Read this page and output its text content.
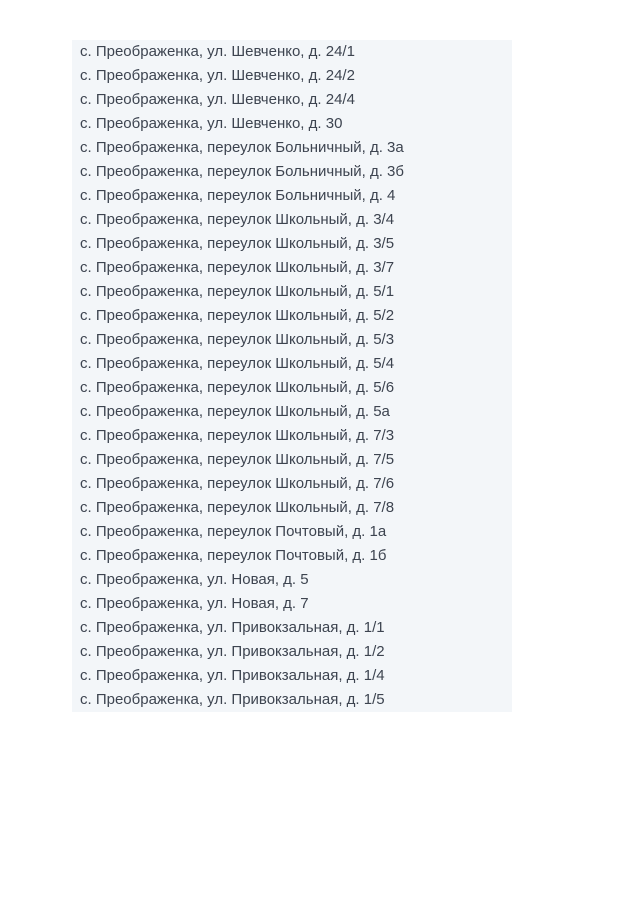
с. Преображенка, ул. Шевченко, д. 24/1
с. Преображенка, ул. Шевченко, д. 24/2
с. Преображенка, ул. Шевченко, д. 24/4
с. Преображенка, ул. Шевченко, д. 30
с. Преображенка, переулок Больничный, д. 3а
с. Преображенка, переулок Больничный, д. 3б
с. Преображенка, переулок Больничный, д. 4
с. Преображенка, переулок Школьный, д. 3/4
с. Преображенка, переулок Школьный, д. 3/5
с. Преображенка, переулок Школьный, д. 3/7
с. Преображенка, переулок Школьный, д. 5/1
с. Преображенка, переулок Школьный, д. 5/2
с. Преображенка, переулок Школьный, д. 5/3
с. Преображенка, переулок Школьный, д. 5/4
с. Преображенка, переулок Школьный, д. 5/6
с. Преображенка, переулок Школьный, д. 5а
с. Преображенка, переулок Школьный, д. 7/3
с. Преображенка, переулок Школьный, д. 7/5
с. Преображенка, переулок Школьный, д. 7/6
с. Преображенка, переулок Школьный, д. 7/8
с. Преображенка, переулок Почтовый, д. 1а
с. Преображенка, переулок Почтовый, д. 1б
с. Преображенка, ул. Новая, д. 5
с. Преображенка, ул. Новая, д. 7
с. Преображенка, ул. Привокзальная, д. 1/1
с. Преображенка, ул. Привокзальная, д. 1/2
с. Преображенка, ул. Привокзальная, д. 1/4
с. Преображенка, ул. Привокзальная, д. 1/5
